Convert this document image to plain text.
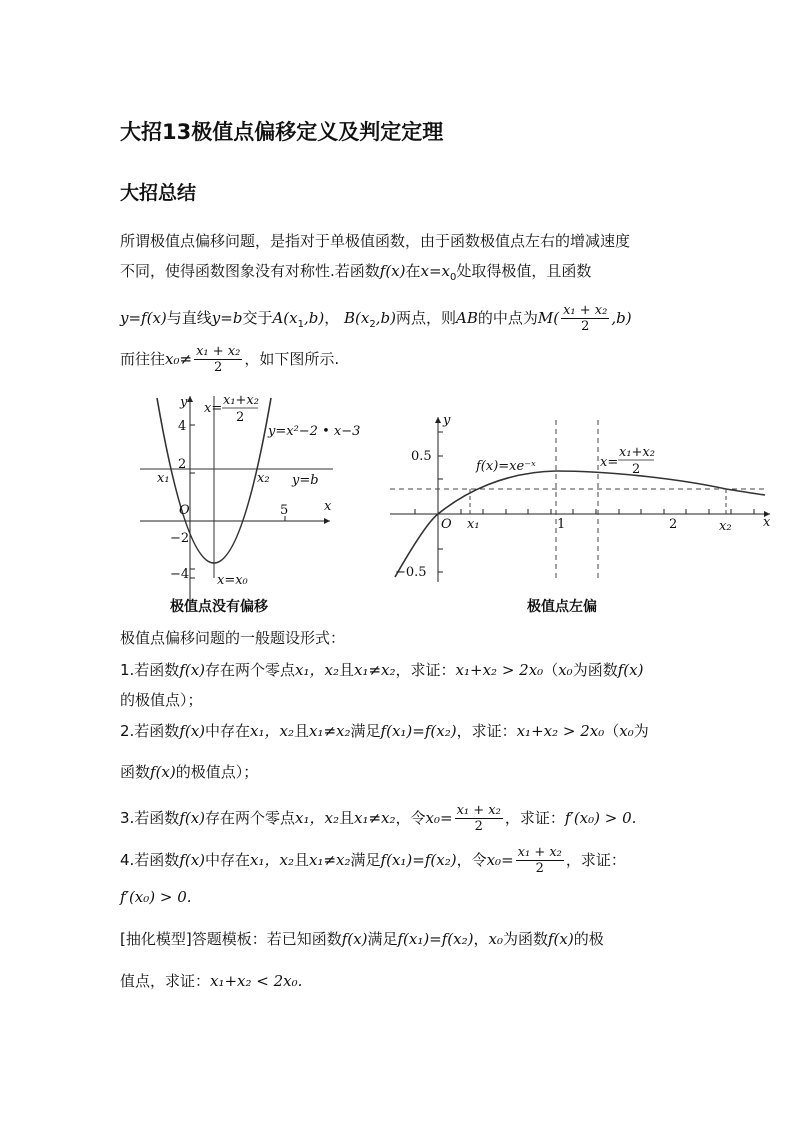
大招13极值点偏移定义及判定定理
大招总结
所谓极值点偏移问题，是指对于单极值函数，由于函数极值点左右的增减速度
不同，使得函数图象没有对称性.若函数f(x)在$x=x_0$处取得极值，且函数
y=f(x)与直线y=b交于$A(x_1,b)$， $B(x_2,b)$两点，则AB的中点为$M( \frac{\text{x₁ + x₂}}{2} ,b)$
而往往$x_0\ne \frac{\text{x₁ + x₂}}{2}$ ，如下图所示.
y
x
4
2
−2
−4
5
O
x₁	x₂
x=
x₁+x₂
2
y=x²−2 • x−3
y=b
x=x₀
极值点没有偏移
y
x
0.5
−0.5
1	2
O x₁	x₂
f(x)=xe⁻ˣ	x=
x₁+x₂
2
极值点左偏
极值点偏移问题的一般题设形式：
1.若函数f(x)存在两个零点x₁，x₂且x₁≠x₂，求证：x₁+x₂ > 2x₀（x₀为函数f(x)
的极值点）；
2.若函数f(x)中存在x₁，x₂且x₁≠x₂满足f(x₁)=f(x₂)，求证：x₁+x₂ > 2x₀（x₀为
函数f(x)的极值点）；
3.若函数f(x)存在两个零点x₁，x₂且x₁≠x₂，令$x_0= \frac{\text{x₁ + x₂}}{2}$ ，求证：f′(x₀) > 0.
4.若函数f(x)中存在x₁，x₂且x₁≠x₂满足f(x₁)=f(x₂)，令$x_0= \frac{\text{x₁ + x₂}}{2}$ ，求证：
f′(x₀) > 0.
[抽化模型]答题模板：若已知函数f(x)满足f(x₁)=f(x₂)，x₀为函数f(x)的极
值点，求证：x₁+x₂ < 2x₀.
